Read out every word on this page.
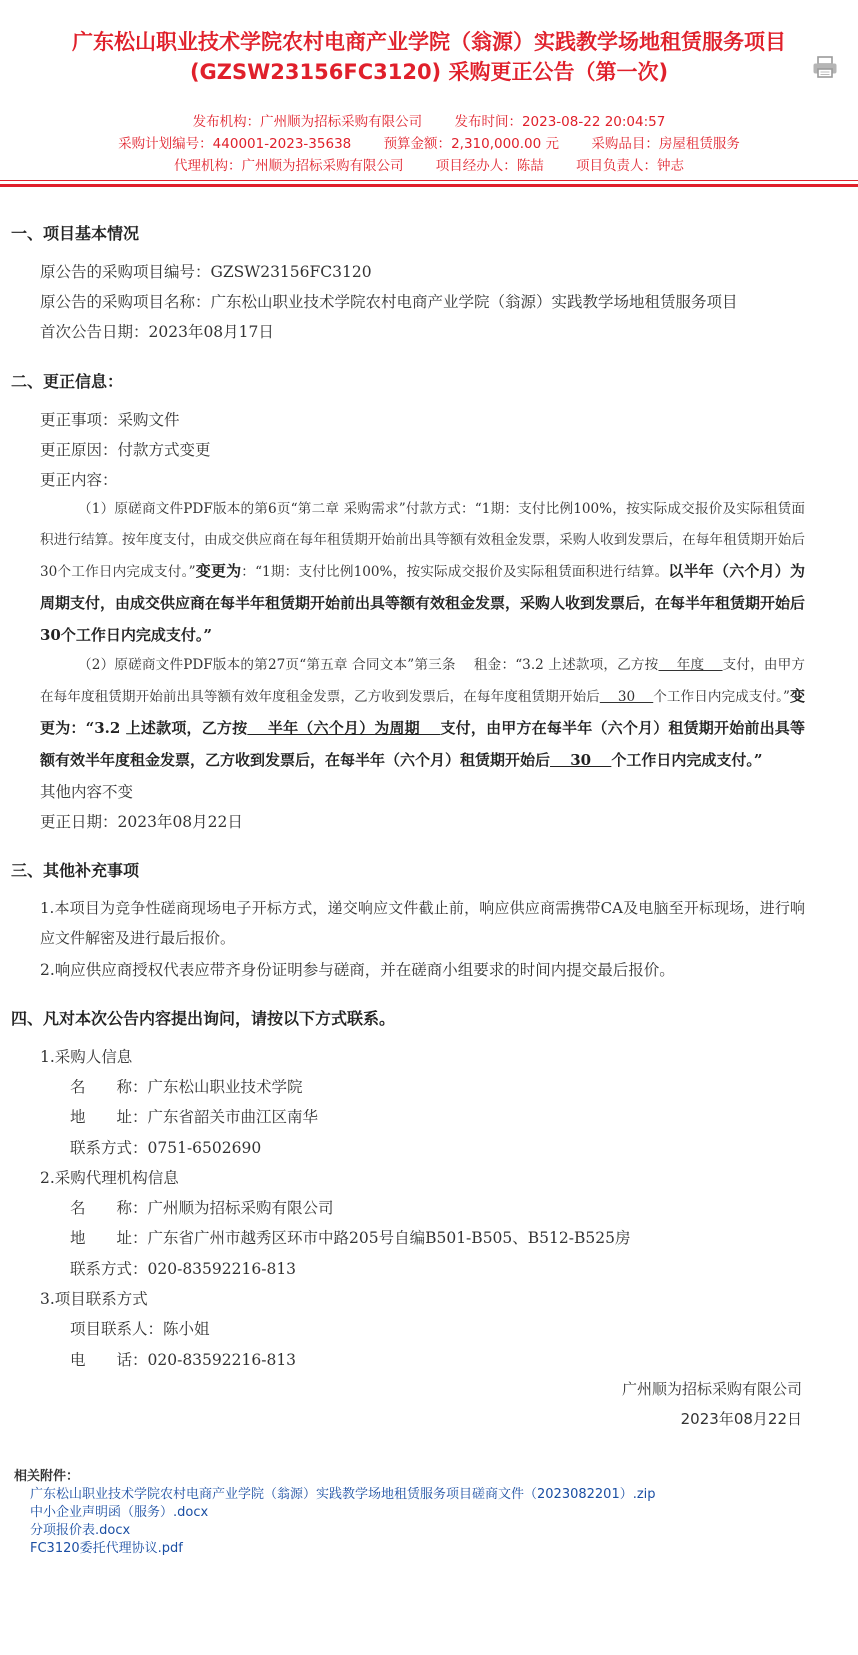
广东松山职业技术学院农村电商产业学院（翁源）实践教学场地租赁服务项目
(GZSW23156FC3120) 采购更正公告（第一次)
发布机构：广州顺为招标采购有限公司 发布时间：2023-08-22 20:04:57
采购计划编号：440001-2023-35638 预算金额：2,310,000.00 元 采购品目：房屋租赁服务
代理机构：广州顺为招标采购有限公司 项目经办人：陈喆 项目负责人：钟志
一、项目基本情况
原公告的采购项目编号：GZSW23156FC3120
原公告的采购项目名称：广东松山职业技术学院农村电商产业学院（翁源）实践教学场地租赁服务项目
首次公告日期：2023年08月17日
二、更正信息：
更正事项：采购文件
更正原因：付款方式变更
更正内容：
（1）原磋商文件PDF版本的第6页“第二章 采购需求”付款方式：“1期：支付比例100%，按实际成交报价及实际租赁面积进行结算。按年度支付，由成交供应商在每年租赁期开始前出具等额有效租金发票，采购人收到发票后，在每年租赁期开始后30个工作日内完成支付。”变更为：“1期：支付比例100%，按实际成交报价及实际租赁面积进行结算。以半年（六个月）为周期支付，由成交供应商在每半年租赁期开始前出具等额有效租金发票，采购人收到发票后，在每半年租赁期开始后30个工作日内完成支付。”
（2）原磋商文件PDF版本的第27页“第五章 合同文本”第三条　 租金：“3.2 上述款项，乙方按　 年度　 支付，由甲方在每年度租赁期开始前出具等额有效年度租金发票，乙方收到发票后，在每年度租赁期开始后　 30　 个工作日内完成支付。”变更为：“3.2 上述款项，乙方按　 半年（六个月）为周期　 支付，由甲方在每半年（六个月）租赁期开始前出具等额有效半年度租金发票，乙方收到发票后，在每半年（六个月）租赁期开始后　 30　 个工作日内完成支付。”
其他内容不变
更正日期：2023年08月22日
三、其他补充事项
1.本项目为竞争性磋商现场电子开标方式，递交响应文件截止前，响应供应商需携带CA及电脑至开标现场，进行响应文件解密及进行最后报价。
2.响应供应商授权代表应带齐身份证明参与磋商，并在磋商小组要求的时间内提交最后报价。
四、凡对本次公告内容提出询问，请按以下方式联系。
1.采购人信息
名　　称：广东松山职业技术学院
地　　址：广东省韶关市曲江区南华
联系方式：0751-6502690
2.采购代理机构信息
名　　称：广州顺为招标采购有限公司
地　　址：广东省广州市越秀区环市中路205号自编B501-B505、B512-B525房
联系方式：020-83592216-813
3.项目联系方式
项目联系人：陈小姐
电　　话：020-83592216-813
广州顺为招标采购有限公司
2023年08月22日
相关附件：
广东松山职业技术学院农村电商产业学院（翁源）实践教学场地租赁服务项目磋商文件（2023082201）.zip
中小企业声明函（服务）.docx
分项报价表.docx
FC3120委托代理协议.pdf
